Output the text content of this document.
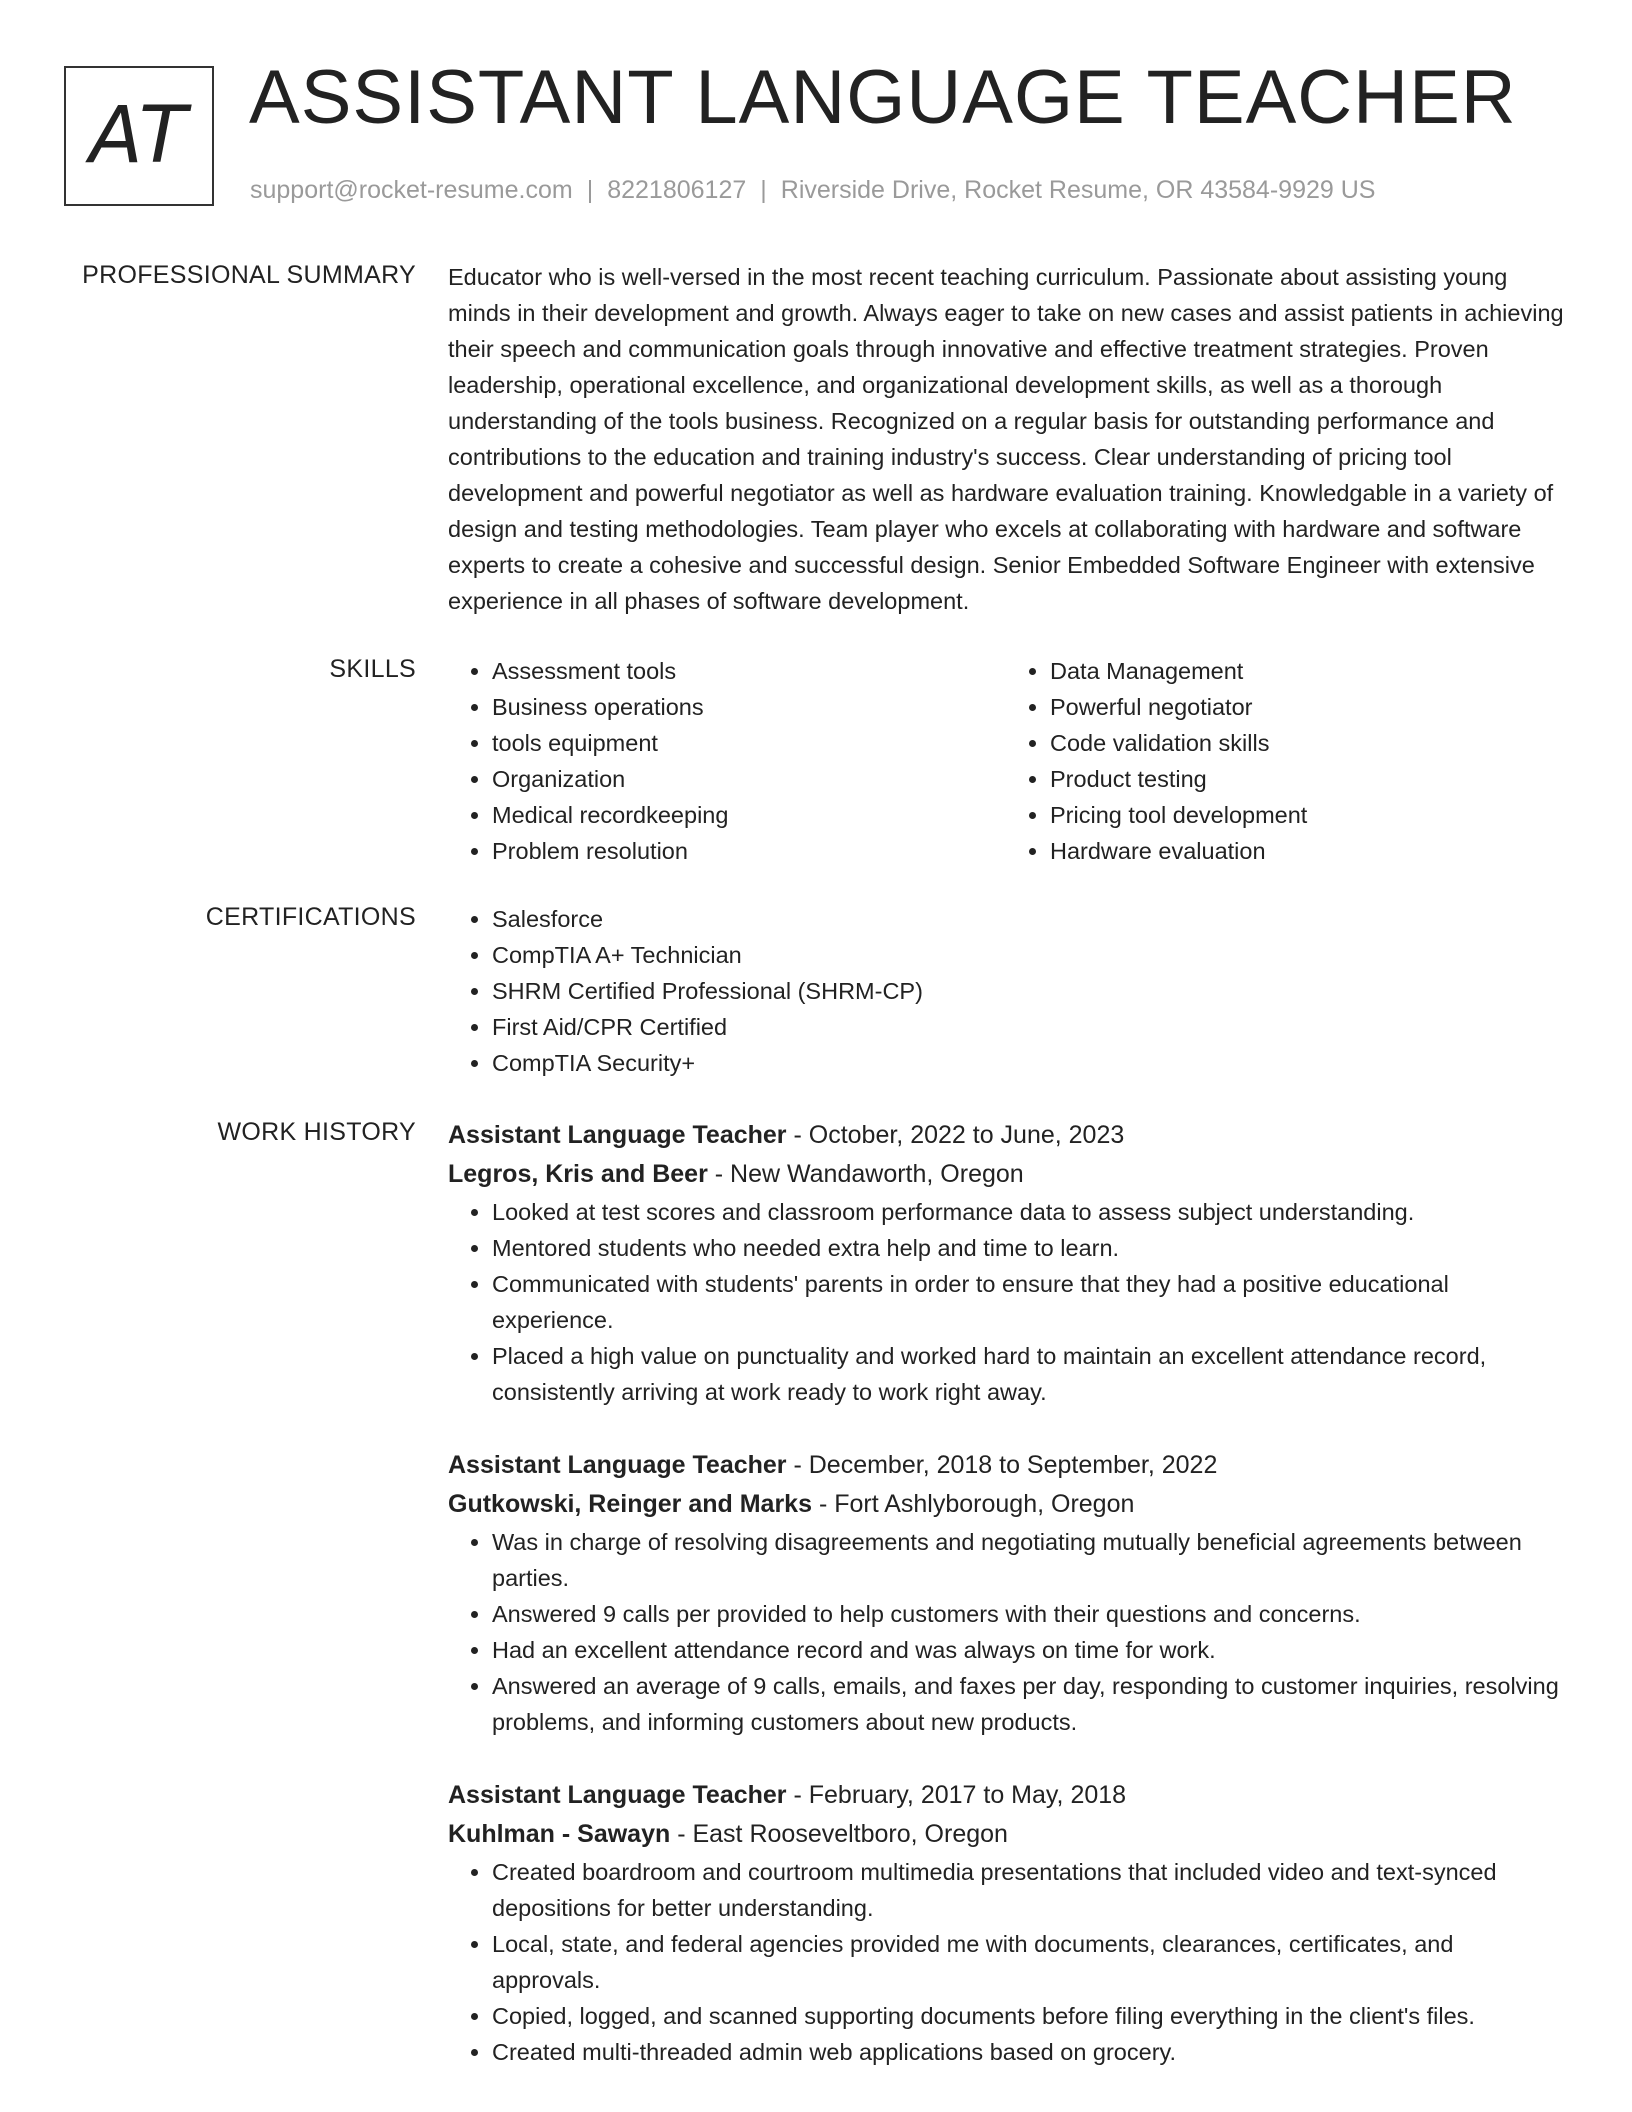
AT ASSISTANT LANGUAGE TEACHER
support@rocket-resume.com | 8221806127 | Riverside Drive, Rocket Resume, OR 43584-9929 US
PROFESSIONAL SUMMARY Educator who is well-versed in the most recent teaching curriculum. Passionate about assisting young minds in their development and growth. Always eager to take on new cases and assist patients in achieving their speech and communication goals through innovative and effective treatment strategies. Proven leadership, operational excellence, and organizational development skills, as well as a thorough understanding of the tools business. Recognized on a regular basis for outstanding performance and contributions to the education and training industry's success. Clear understanding of pricing tool development and powerful negotiator as well as hardware evaluation training. Knowledgable in a variety of design and testing methodologies. Team player who excels at collaborating with hardware and software experts to create a cohesive and successful design. Senior Embedded Software Engineer with extensive experience in all phases of software development.

SKILLS	• Assessment tools
• Business operations
• tools equipment
• Organization
• Medical recordkeeping
• Problem resolution
• Data Management
• Powerful negotiator
• Code validation skills
• Product testing
• Pricing tool development
• Hardware evaluation
CERTIFICATIONS	• Salesforce
• CompTIA A+ Technician
• SHRM Certified Professional (SHRM-CP)
• First Aid/CPR Certified
• CompTIA Security+
WORK HISTORY Assistant Language Teacher - October, 2022 to June, 2023
Legros, Kris and Beer - New Wandaworth, Oregon
• Looked at test scores and classroom performance data to assess subject understanding.
• Mentored students who needed extra help and time to learn.
• Communicated with students' parents in order to ensure that they had a positive educational experience.
• Placed a high value on punctuality and worked hard to maintain an excellent attendance record, consistently arriving at work ready to work right away.
Assistant Language Teacher - December, 2018 to September, 2022
Gutkowski, Reinger and Marks - Fort Ashlyborough, Oregon
• Was in charge of resolving disagreements and negotiating mutually beneficial agreements between parties.
• Answered 9 calls per provided to help customers with their questions and concerns.
• Had an excellent attendance record and was always on time for work.
• Answered an average of 9 calls, emails, and faxes per day, responding to customer inquiries, resolving problems, and informing customers about new products.
Assistant Language Teacher - February, 2017 to May, 2018
Kuhlman - Sawayn - East Rooseveltboro, Oregon
• Created boardroom and courtroom multimedia presentations that included video and text-synced depositions for better understanding.
• Local, state, and federal agencies provided me with documents, clearances, certificates, and approvals.
• Copied, logged, and scanned supporting documents before filing everything in the client's files.
• Created multi-threaded admin web applications based on grocery.
